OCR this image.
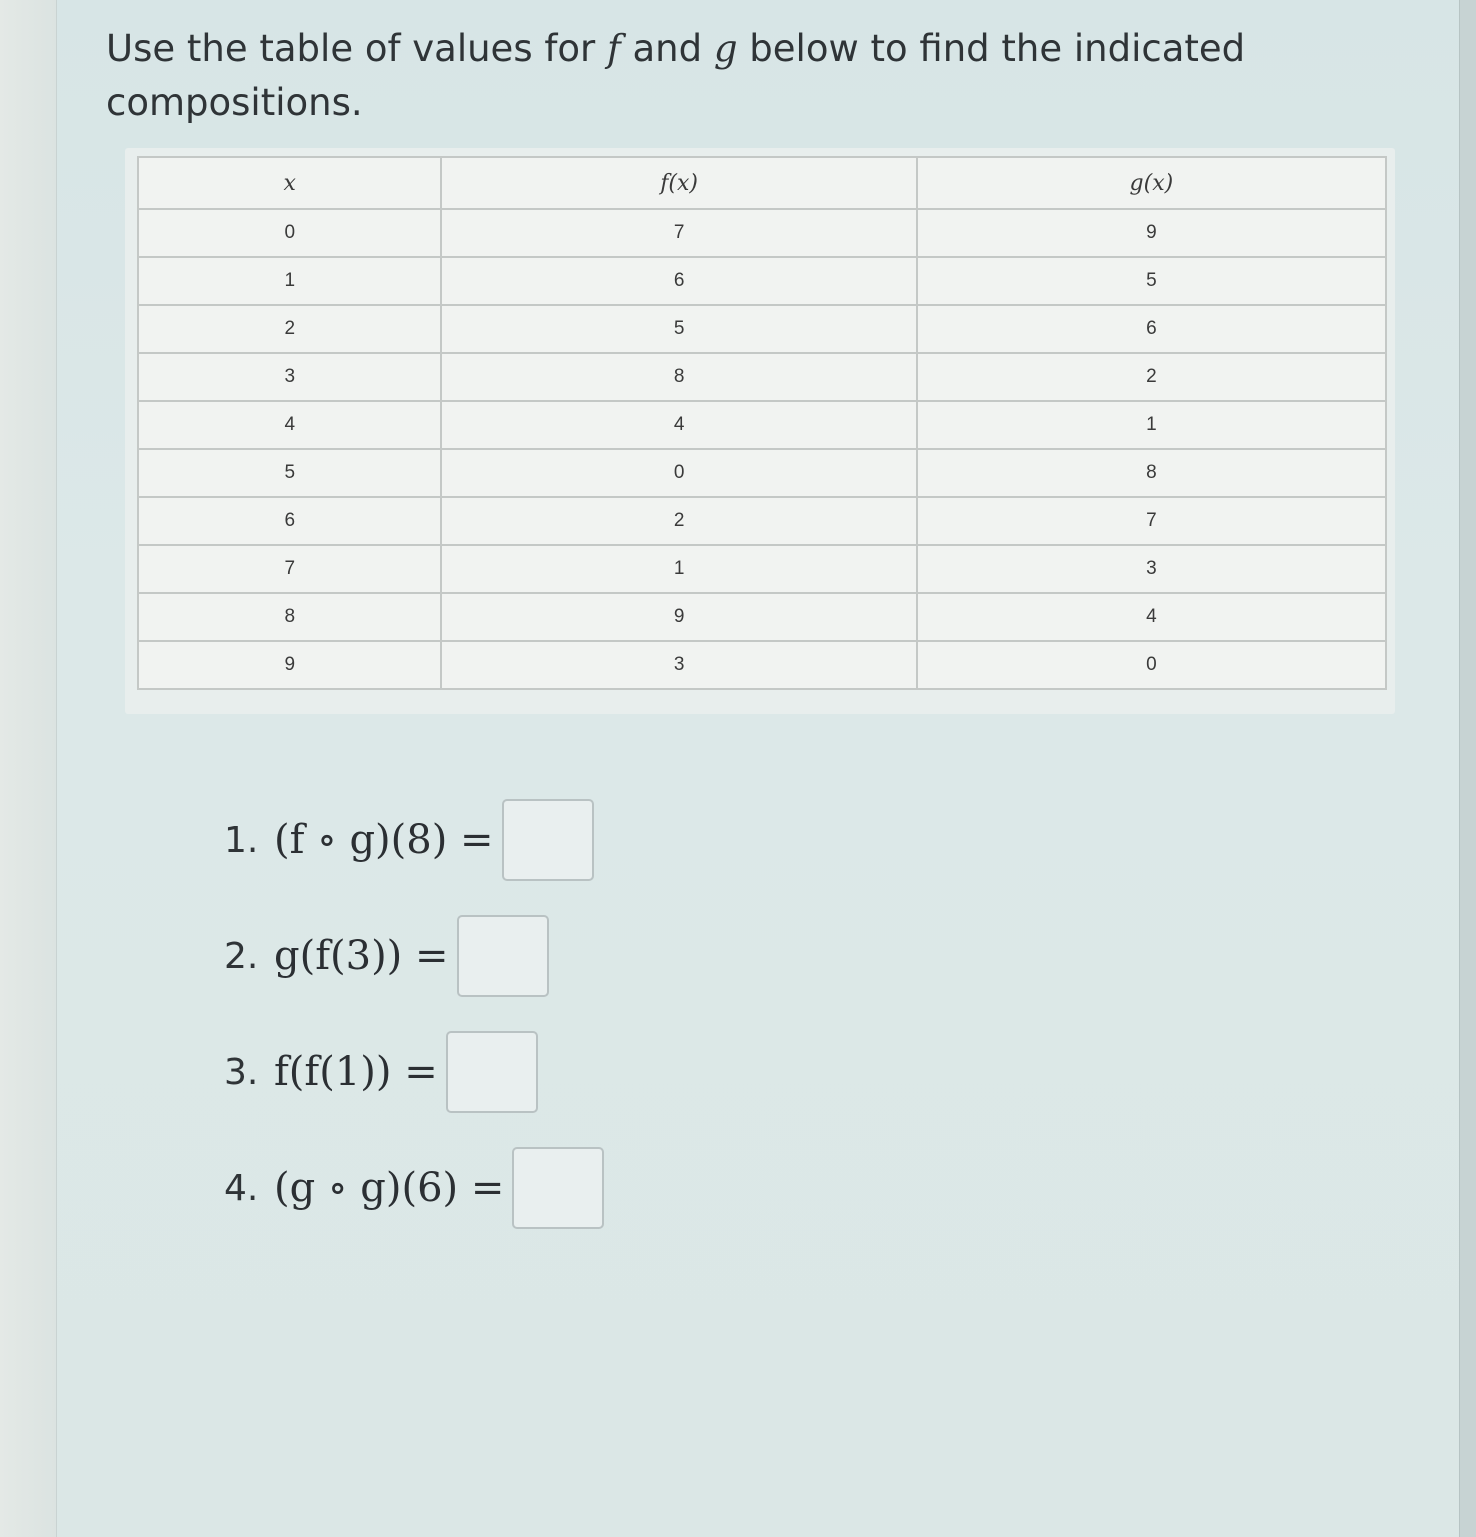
Use the table of values for f and g below to find the indicated compositions.

x	f(x)	g(x)
0	7	9
1	6	5
2	5	6
3	8	2
4	4	1
5	0	8
6	2	7
7	1	3
8	9	4
9	3	0
1. (f ∘ g)(8) =
2. g(f(3)) =
3. f(f(1)) =
4. (g ∘ g)(6) =
